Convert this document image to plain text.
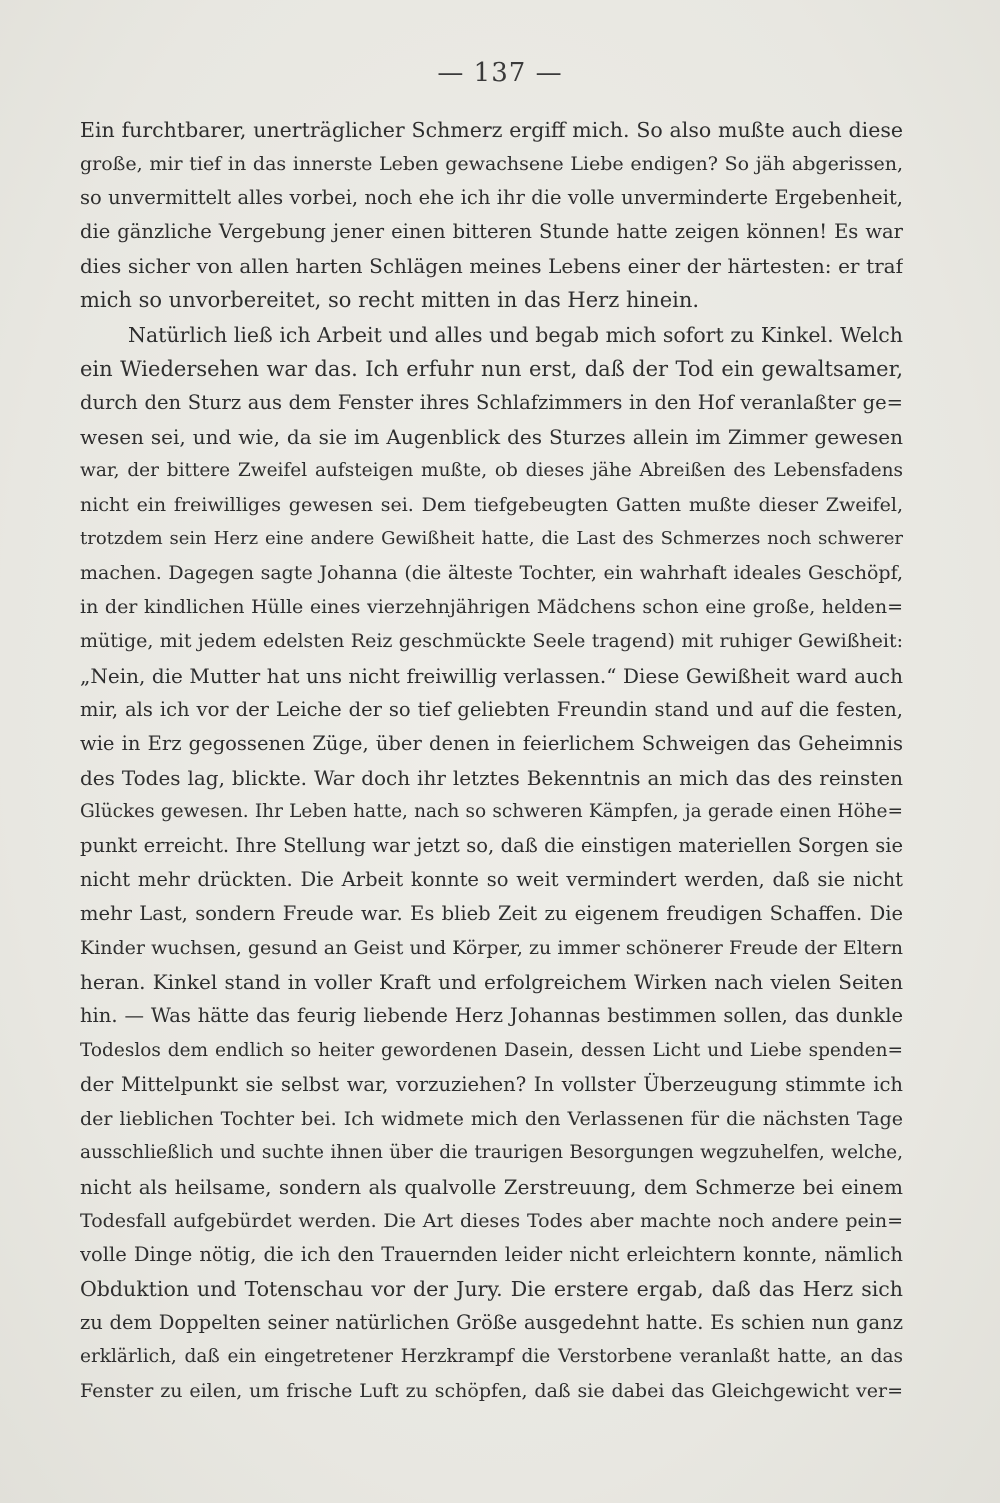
— 137 —
Ein furchtbarer, unerträglicher Schmerz ergiff mich. So also mußte auch diese
große, mir tief in das innerste Leben gewachsene Liebe endigen? So jäh abgerissen,
so unvermittelt alles vorbei, noch ehe ich ihr die volle unverminderte Ergebenheit,
die gänzliche Vergebung jener einen bitteren Stunde hatte zeigen können! Es war
dies sicher von allen harten Schlägen meines Lebens einer der härtesten: er traf
mich so unvorbereitet, so recht mitten in das Herz hinein.
Natürlich ließ ich Arbeit und alles und begab mich sofort zu Kinkel. Welch
ein Wiedersehen war das. Ich erfuhr nun erst, daß der Tod ein gewaltsamer,
durch den Sturz aus dem Fenster ihres Schlafzimmers in den Hof veranlaßter ge=
wesen sei, und wie, da sie im Augenblick des Sturzes allein im Zimmer gewesen
war, der bittere Zweifel aufsteigen mußte, ob dieses jähe Abreißen des Lebensfadens
nicht ein freiwilliges gewesen sei. Dem tiefgebeugten Gatten mußte dieser Zweifel,
trotzdem sein Herz eine andere Gewißheit hatte, die Last des Schmerzes noch schwerer
machen. Dagegen sagte Johanna (die älteste Tochter, ein wahrhaft ideales Geschöpf,
in der kindlichen Hülle eines vierzehnjährigen Mädchens schon eine große, helden=
mütige, mit jedem edelsten Reiz geschmückte Seele tragend) mit ruhiger Gewißheit:
„Nein, die Mutter hat uns nicht freiwillig verlassen.“ Diese Gewißheit ward auch
mir, als ich vor der Leiche der so tief geliebten Freundin stand und auf die festen,
wie in Erz gegossenen Züge, über denen in feierlichem Schweigen das Geheimnis
des Todes lag, blickte. War doch ihr letztes Bekenntnis an mich das des reinsten
Glückes gewesen. Ihr Leben hatte, nach so schweren Kämpfen, ja gerade einen Höhe=
punkt erreicht. Ihre Stellung war jetzt so, daß die einstigen materiellen Sorgen sie
nicht mehr drückten. Die Arbeit konnte so weit vermindert werden, daß sie nicht
mehr Last, sondern Freude war. Es blieb Zeit zu eigenem freudigen Schaffen. Die
Kinder wuchsen, gesund an Geist und Körper, zu immer schönerer Freude der Eltern
heran. Kinkel stand in voller Kraft und erfolgreichem Wirken nach vielen Seiten
hin. — Was hätte das feurig liebende Herz Johannas bestimmen sollen, das dunkle
Todeslos dem endlich so heiter gewordenen Dasein, dessen Licht und Liebe spenden=
der Mittelpunkt sie selbst war, vorzuziehen? In vollster Überzeugung stimmte ich
der lieblichen Tochter bei. Ich widmete mich den Verlassenen für die nächsten Tage
ausschließlich und suchte ihnen über die traurigen Besorgungen wegzuhelfen, welche,
nicht als heilsame, sondern als qualvolle Zerstreuung, dem Schmerze bei einem
Todesfall aufgebürdet werden. Die Art dieses Todes aber machte noch andere pein=
volle Dinge nötig, die ich den Trauernden leider nicht erleichtern konnte, nämlich
Obduktion und Totenschau vor der Jury. Die erstere ergab, daß das Herz sich
zu dem Doppelten seiner natürlichen Größe ausgedehnt hatte. Es schien nun ganz
erklärlich, daß ein eingetretener Herzkrampf die Verstorbene veranlaßt hatte, an das
Fenster zu eilen, um frische Luft zu schöpfen, daß sie dabei das Gleichgewicht ver=
